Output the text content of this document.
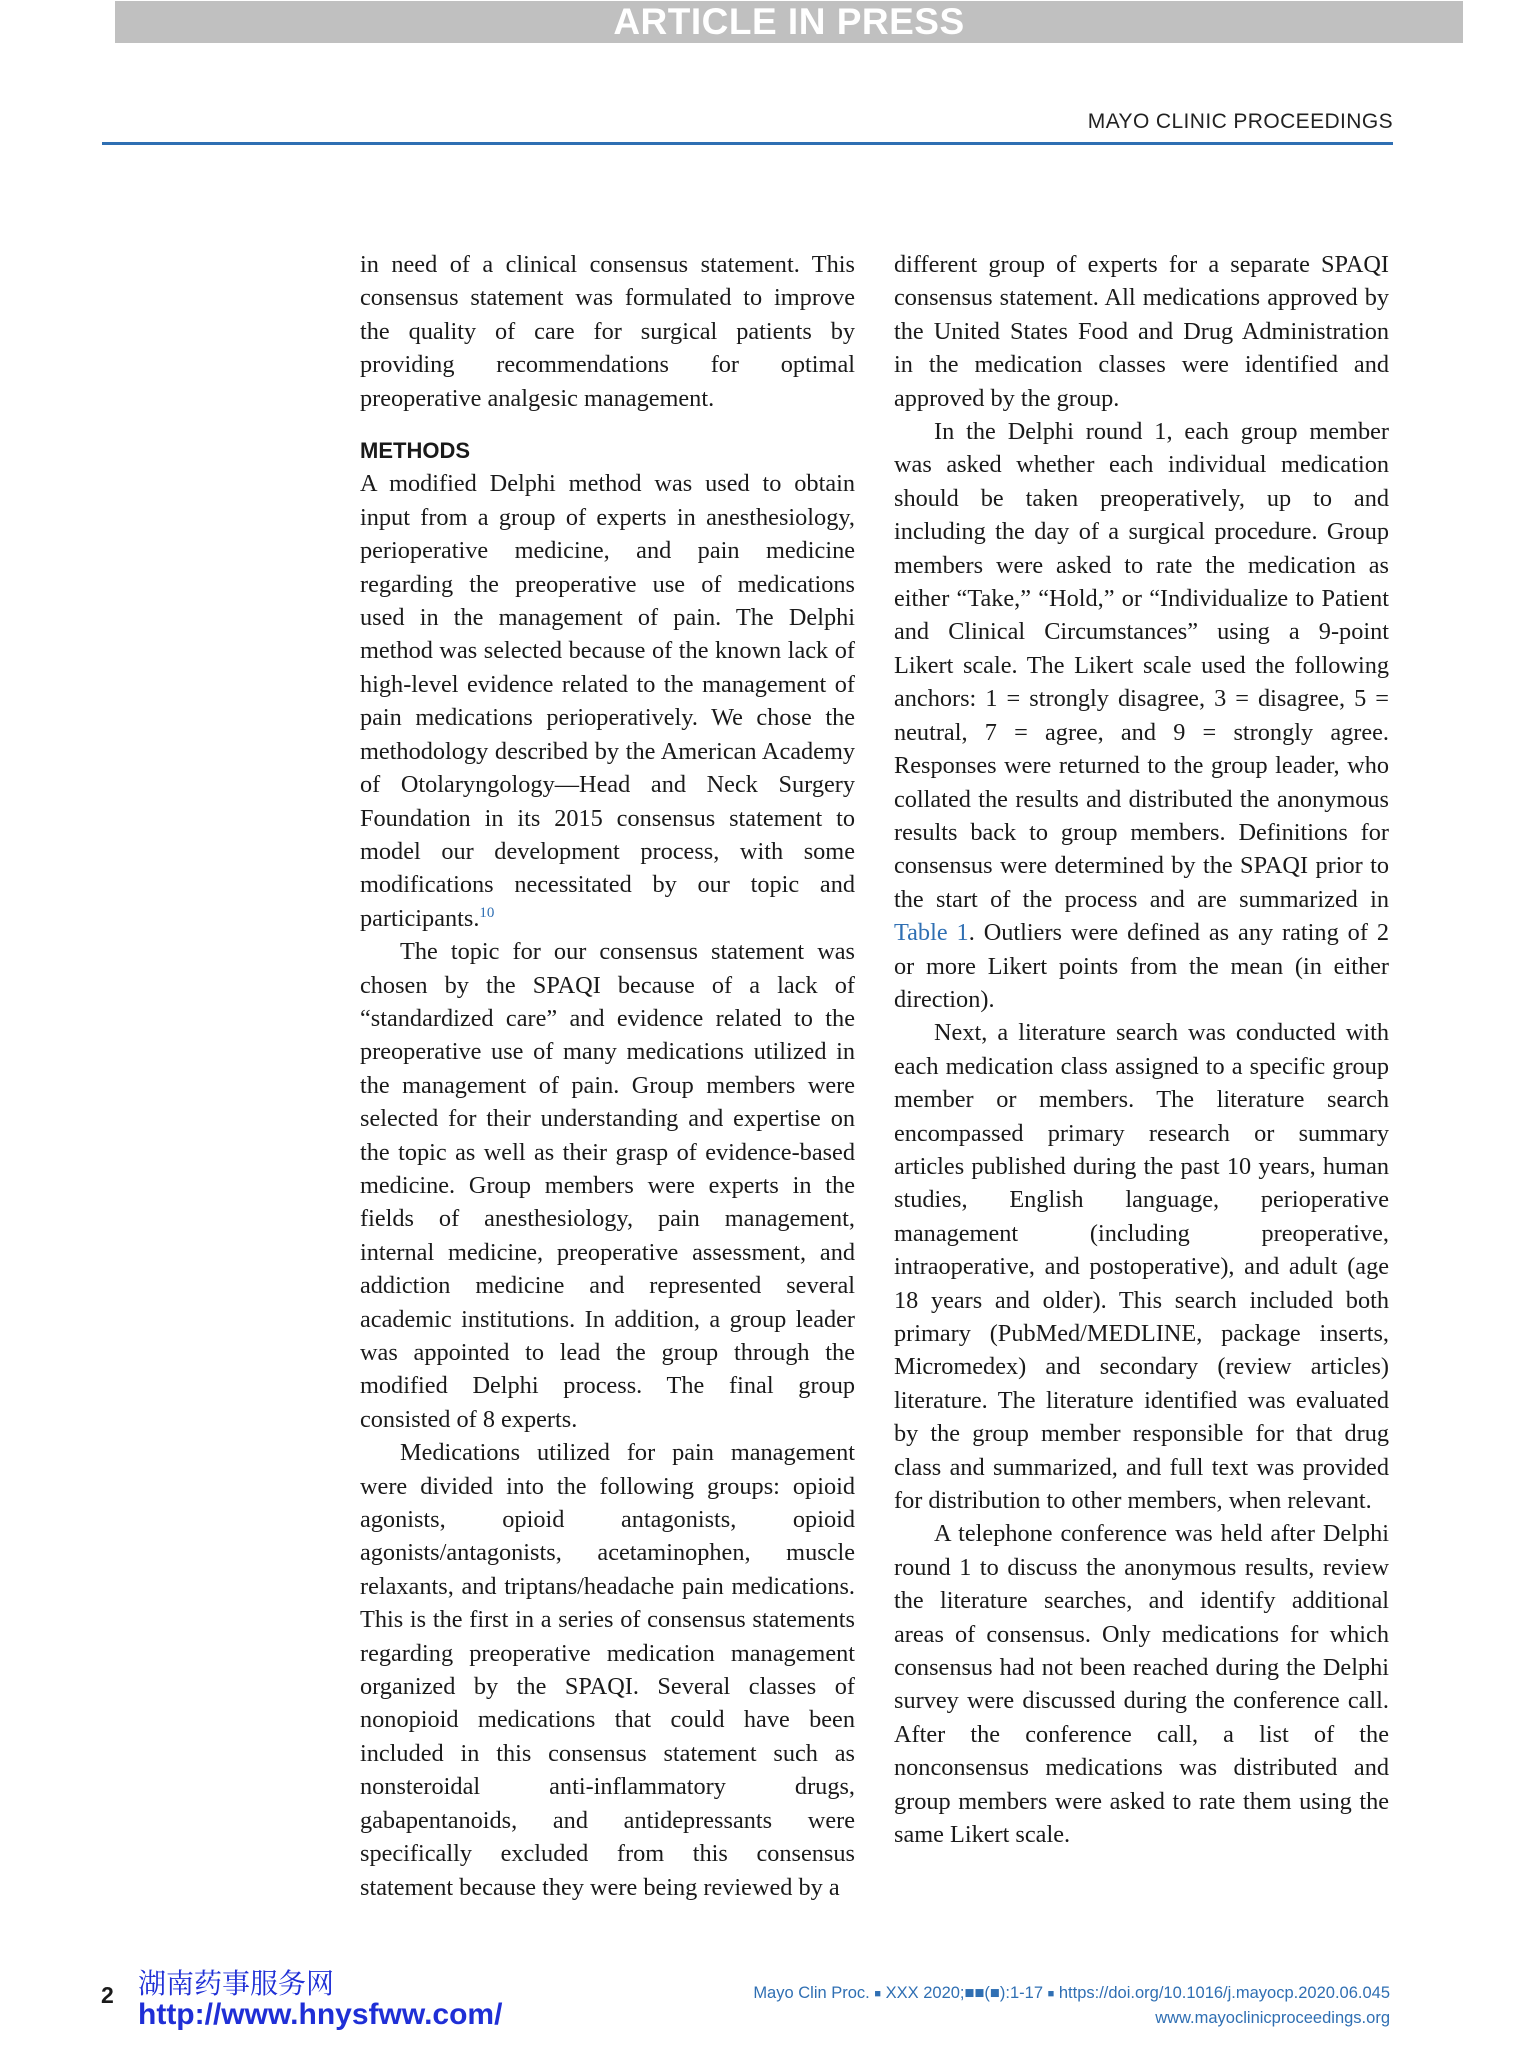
ARTICLE IN PRESS
MAYO CLINIC PROCEEDINGS

in need of a clinical consensus statement. This consensus statement was formulated to improve the quality of care for surgical patients by providing recommendations for optimal preoperative analgesic management.

METHODS

A modified Delphi method was used to obtain input from a group of experts in anesthesiology, perioperative medicine, and pain medicine regarding the preoperative use of medications used in the management of pain. The Delphi method was selected because of the known lack of high-level evidence related to the management of pain medications perioperatively. We chose the methodology described by the American Academy of Otolaryngology—Head and Neck Surgery Foundation in its 2015 consensus statement to model our development process, with some modifications necessitated by our topic and participants.$^{10}$

The topic for our consensus statement was chosen by the SPAQI because of a lack of “standardized care” and evidence related to the preoperative use of many medications utilized in the management of pain. Group members were selected for their understanding and expertise on the topic as well as their grasp of evidence-based medicine. Group members were experts in the fields of anesthesiology, pain management, internal medicine, preoperative assessment, and addiction medicine and represented several academic institutions. In addition, a group leader was appointed to lead the group through the modified Delphi process. The final group consisted of 8 experts.

Medications utilized for pain management were divided into the following groups: opioid agonists, opioid antagonists, opioid agonists/antagonists, acetaminophen, muscle relaxants, and triptans/headache pain medications. This is the first in a series of consensus statements regarding preoperative medication management organized by the SPAQI. Several classes of nonopioid medications that could have been included in this consensus statement such as nonsteroidal anti-inflammatory drugs, gabapentanoids, and antidepressants were specifically excluded from this consensus statement because they were being reviewed by a

different group of experts for a separate SPAQI consensus statement. All medications approved by the United States Food and Drug Administration in the medication classes were identified and approved by the group.

In the Delphi round 1, each group member was asked whether each individual medication should be taken preoperatively, up to and including the day of a surgical procedure. Group members were asked to rate the medication as either “Take,” “Hold,” or “Individualize to Patient and Clinical Circumstances” using a 9-point Likert scale. The Likert scale used the following anchors: 1 = strongly disagree, 3 = disagree, 5 = neutral, 7 = agree, and 9 = strongly agree. Responses were returned to the group leader, who collated the results and distributed the anonymous results back to group members. Definitions for consensus were determined by the SPAQI prior to the start of the process and are summarized in Table 1. Outliers were defined as any rating of 2 or more Likert points from the mean (in either direction).

Next, a literature search was conducted with each medication class assigned to a specific group member or members. The literature search encompassed primary research or summary articles published during the past 10 years, human studies, English language, perioperative management (including preoperative, intraoperative, and postoperative), and adult (age 18 years and older). This search included both primary (PubMed/MEDLINE, package inserts, Micromedex) and secondary (review articles) literature. The literature identified was evaluated by the group member responsible for that drug class and summarized, and full text was provided for distribution to other members, when relevant.

A telephone conference was held after Delphi round 1 to discuss the anonymous results, review the literature searches, and identify additional areas of consensus. Only medications for which consensus had not been reached during the Delphi survey were discussed during the conference call. After the conference call, a list of the nonconsensus medications was distributed and group members were asked to rate them using the same Likert scale.

2 湖南药事服务网
http://www.hnysfww.com/
Mayo Clin Proc. ■ XXX 2020;■■(■):1-17 ■ https://doi.org/10.1016/j.mayocp.2020.06.045
www.mayoclinicproceedings.org
